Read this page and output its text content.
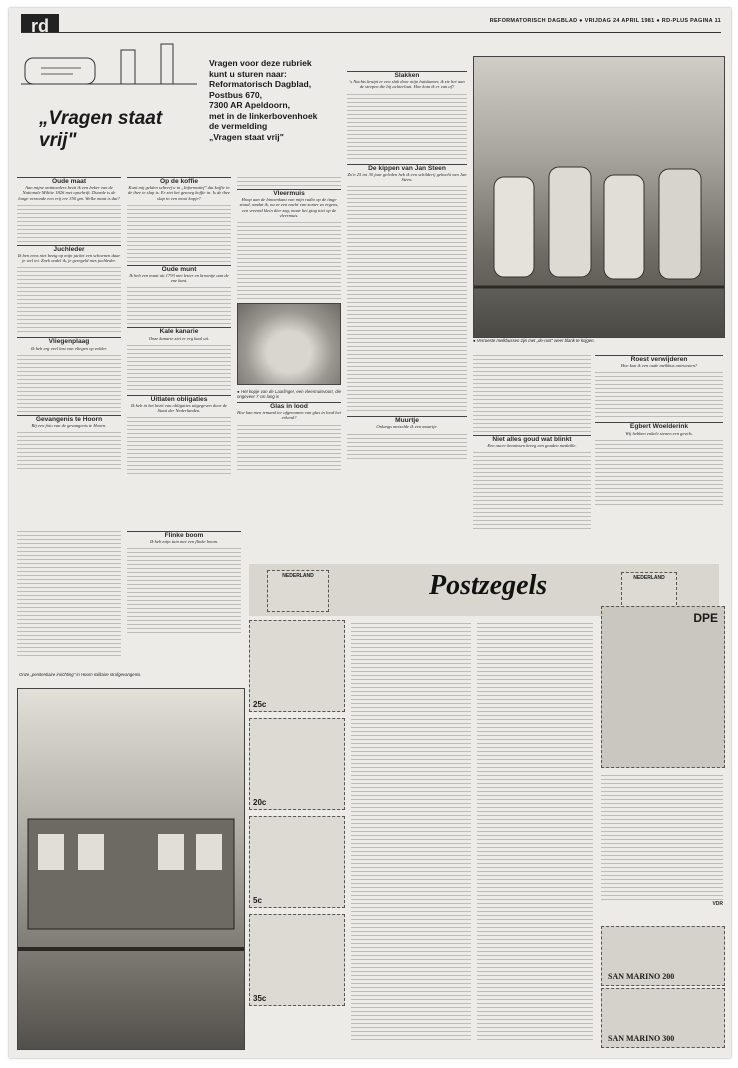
rd	REFORMATORISCH DAGBLAD ● VRIJDAG 24 APRIL 1981 ● RD-PLUS PAGINA 11
„Vragen staat vrij"
Vragen voor deze rubriek
kunt u sturen naar:
Reformatorisch Dagblad,
Postbus 670,
7300 AR Apeldoorn,
met in de linkerbovenhoek
de vermelding
„Vragen staat vrij"
Oude maat
Aan mijne ontmoeders bezit ik een beker van de Nationale Militie 1826 met opschrift. Duurde is de longe verzonde een vrij ere 350 gm. Welke maat is dat?
Juchleder
Ik ben eens niet bezig op mijn jacket een schoenen daar je wel iet. Zoek ondel ik, je geregeld mes juchleder.
Vliegenplaag
Ik heb erg veel last van vliegen op zolder.
Gevangenis te Hoorn
Bij een foto van de gevangenis te Hoorn.
Op de koffie
Kunt mij gelden schreef u in „Informatief" dat koffie in de thee te slap is. Er ziet het genoeg koffie in. Is de thee slap in een mooi kopje?
Oude munt
Ik heb een munt uit 1793 met letter en kroontje aan de ene kant.
Kale kanarie
Onze kanarie ziet er erg kaal uit.
Uitlaten obligaties
Ik heb in het bezit van obligaties uitgegeven door de Staat der Nederlanden.
Vleermuis
Hoop aan de binnenkant van mijn radio op de tinge stond, omdat ik, nu ze een nacht van zomer zo ergens, een vreemd klein dier zag, maar het ging niet op de vleermuis.
● Het kopje van de Laarlinger, een vleermuisvoort, die ongeveer 7 cm lang is
Glas in lood
Hoe kan men iemand ter afgenomen van glas in lood het erkend?
Slakken
's Nachts kruipt er een slak door mijn huiskamer, ik zie het aan de strepen die hij achterlaat. Hoe kom ik er van af?
De kippen van Jan Steen
Zo'n 25 tot 30 jaar geleden heb ik een schilderij gekocht van Jan Steen.
Muurtje
Onlangs metselde ik een muurtje.
● Verroeste melkbussen zijn met „de-rust" weer blank te krijgen.
Roest verwijderen
Hoe kan ik een oude melkbus ontroesten?
Egbert Woelderink
Wij hebben enkele stenen een gevels.
Niet alles goud wat blinkt
Een oncer kennissen kreeg een gouden medaille.
NEDERLAND	Postzegels	NEDERLAND
25c
20c
5c
35c
DPE
VDR
SAN MARINO 200
SAN MARINO 300
Flinke boom
Ik heb mijn tuin met een flinke boom.
Onze „penitentiaire inrichting" in Hoorn militaire strafgevangenis.
